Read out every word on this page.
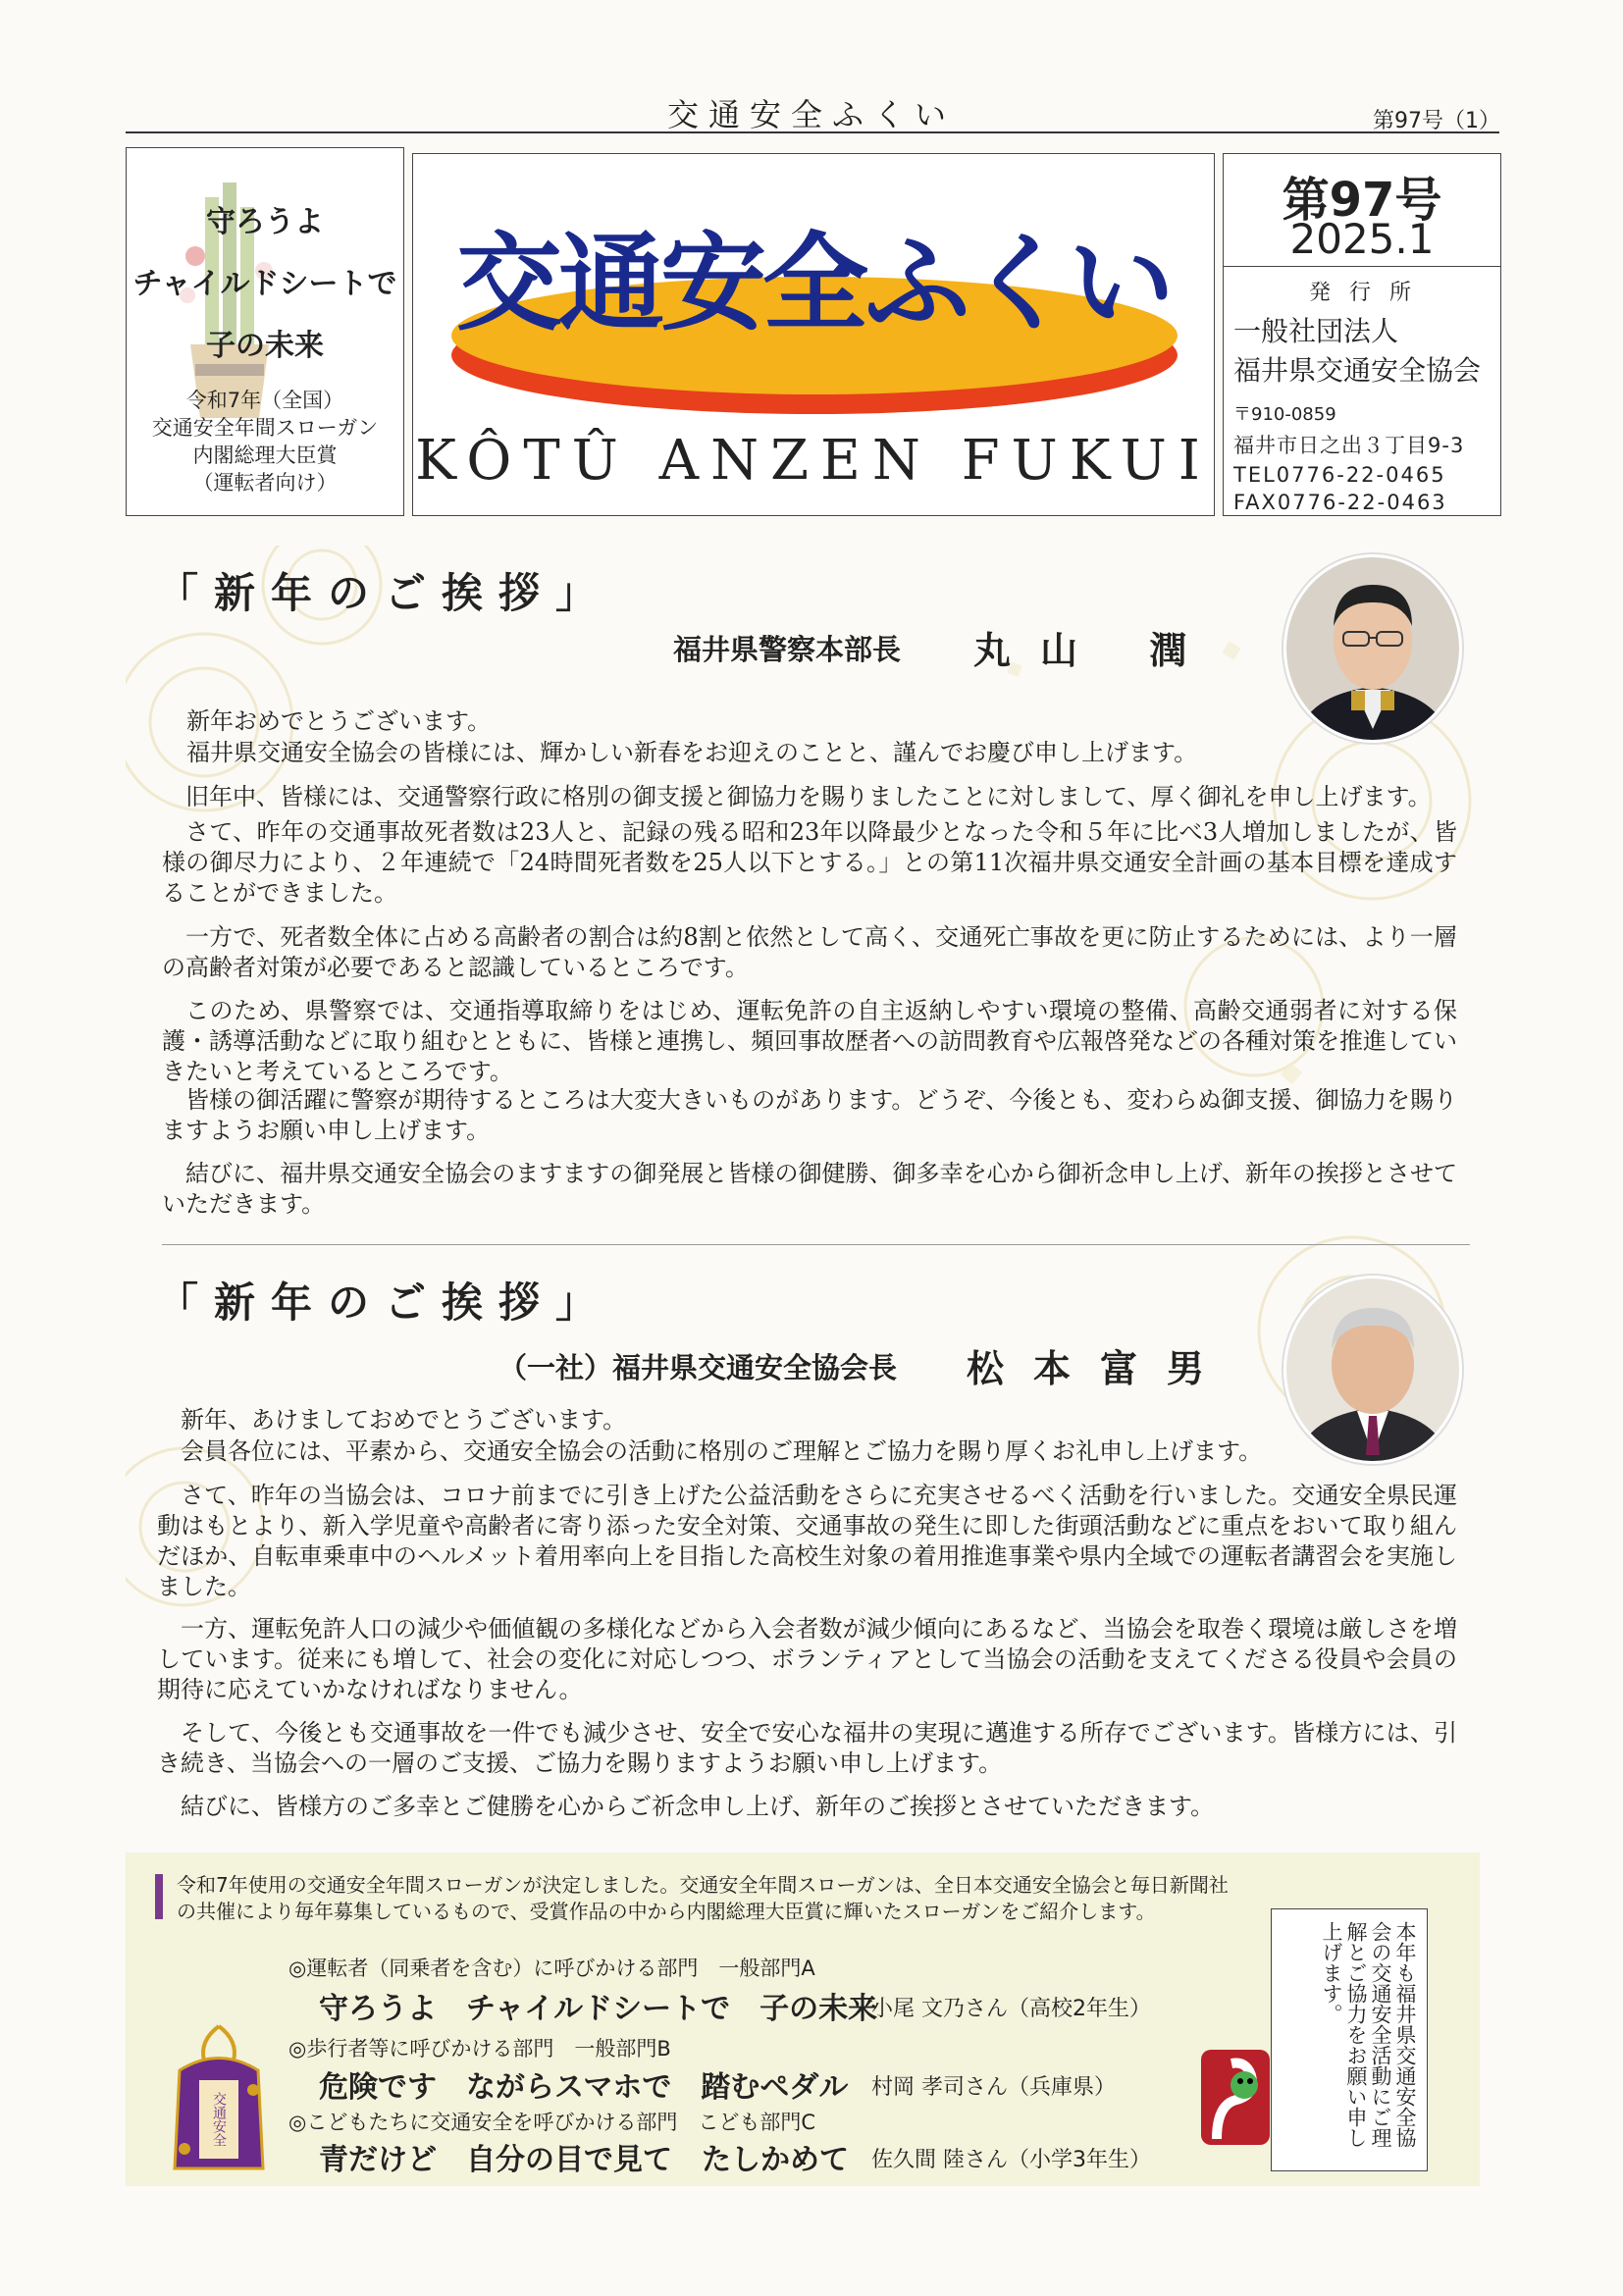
交通安全ふくい	第97号（1）
守ろうよ
チャイルドシートで
子の未来
令和7年（全国）
交通安全年間スローガン
内閣総理大臣賞
（運転者向け）
交通安全ふくい
KÔTÛ ANZEN FUKUI
第97号
2025.1
発 行 所
一般社団法人
福井県交通安全協会
〒910-0859
福井市日之出３丁目9-3
TEL0776-22-0465
FAX0776-22-0463
「新年のご挨拶」
福井県警察本部長 丸山 潤
新年おめでとうございます。
福井県交通安全協会の皆様には、輝かしい新春をお迎えのことと、謹んでお慶び申し上げます。
旧年中、皆様には、交通警察行政に格別の御支援と御協力を賜りましたことに対しまして、厚く御礼を申し上げます。
さて、昨年の交通事故死者数は23人と、記録の残る昭和23年以降最少となった令和５年に比べ3人増加しましたが、皆様の御尽力により、２年連続で「24時間死者数を25人以下とする。」との第11次福井県交通安全計画の基本目標を達成することができました。
一方で、死者数全体に占める高齢者の割合は約8割と依然として高く、交通死亡事故を更に防止するためには、より一層の高齢者対策が必要であると認識しているところです。
このため、県警察では、交通指導取締りをはじめ、運転免許の自主返納しやすい環境の整備、高齢交通弱者に対する保護・誘導活動などに取り組むとともに、皆様と連携し、頻回事故歴者への訪問教育や広報啓発などの各種対策を推進していきたいと考えているところです。
皆様の御活躍に警察が期待するところは大変大きいものがあります。どうぞ、今後とも、変わらぬ御支援、御協力を賜りますようお願い申し上げます。
結びに、福井県交通安全協会のますますの御発展と皆様の御健勝、御多幸を心から御祈念申し上げ、新年の挨拶とさせていただきます。
「新年のご挨拶」
（一社）福井県交通安全協会長 松本富男
新年、あけましておめでとうございます。
会員各位には、平素から、交通安全協会の活動に格別のご理解とご協力を賜り厚くお礼申し上げます。
さて、昨年の当協会は、コロナ前までに引き上げた公益活動をさらに充実させるべく活動を行いました。交通安全県民運動はもとより、新入学児童や高齢者に寄り添った安全対策、交通事故の発生に即した街頭活動などに重点をおいて取り組んだほか、自転車乗車中のヘルメット着用率向上を目指した高校生対象の着用推進事業や県内全域での運転者講習会を実施しました。
一方、運転免許人口の減少や価値観の多様化などから入会者数が減少傾向にあるなど、当協会を取巻く環境は厳しさを増しています。従来にも増して、社会の変化に対応しつつ、ボランティアとして当協会の活動を支えてくださる役員や会員の期待に応えていかなければなりません。
そして、今後とも交通事故を一件でも減少させ、安全で安心な福井の実現に邁進する所存でございます。皆様方には、引き続き、当協会への一層のご支援、ご協力を賜りますようお願い申し上げます。
結びに、皆様方のご多幸とご健勝を心からご祈念申し上げ、新年のご挨拶とさせていただきます。
令和7年使用の交通安全年間スローガンが決定しました。交通安全年間スローガンは、全日本交通安全協会と毎日新聞社
の共催により毎年募集しているもので、受賞作品の中から内閣総理大臣賞に輝いたスローガンをご紹介します。
交通安全
◎運転者（同乗者を含む）に呼びかける部門　一般部門A
守ろうよ　チャイルドシートで　子の未来
小尾 文乃さん（高校2年生）
◎歩行者等に呼びかける部門　一般部門B
危険です　ながらスマホで　踏むペダル 村岡 孝司さん（兵庫県）
◎こどもたちに交通安全を呼びかける部門　こども部門C
青だけど　自分の目で見て　たしかめて 佐久間 陸さん（小学3年生）
本年も福井県交通安全協会の交通安全活動にご理解とご協力をお願い申し上げます。
